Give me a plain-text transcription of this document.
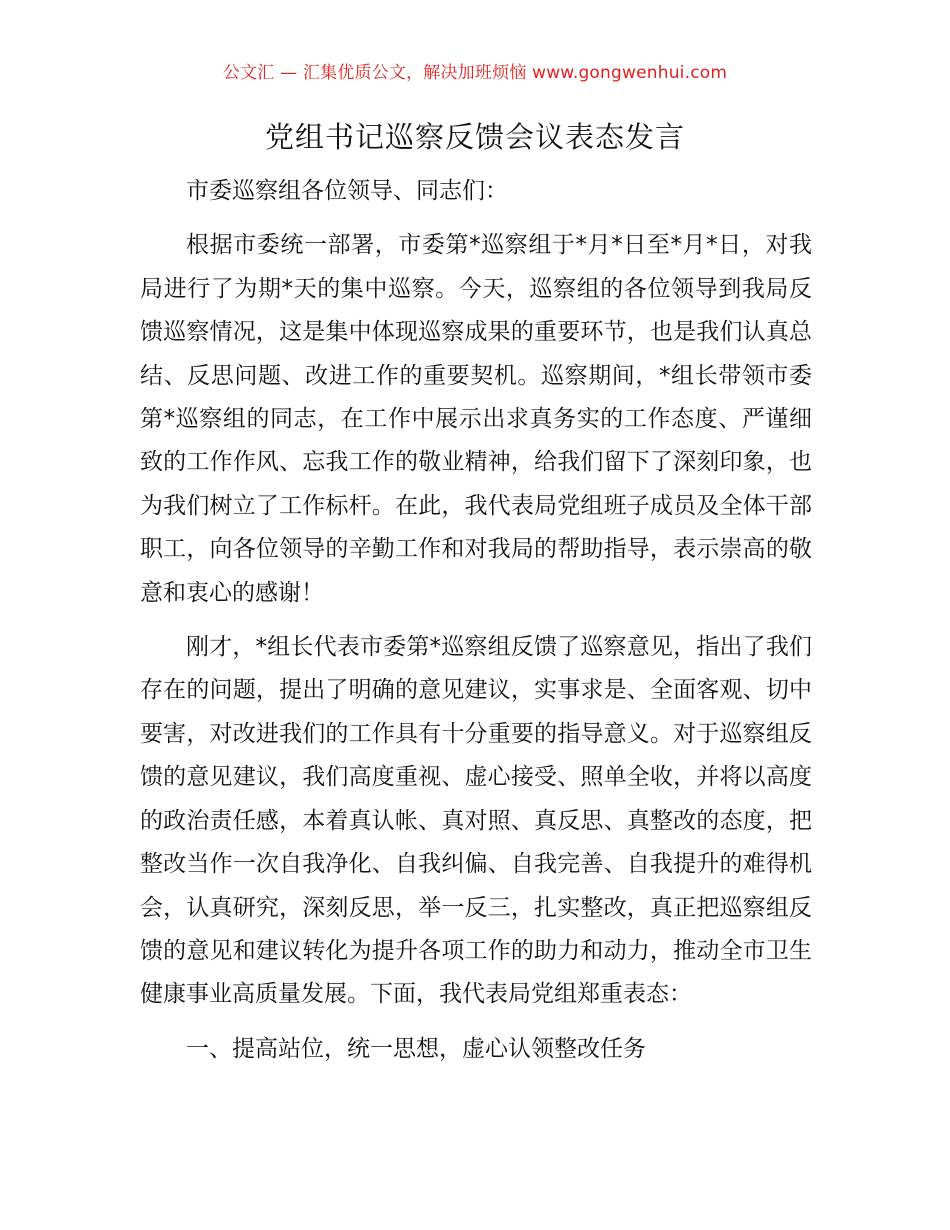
公文汇 — 汇集优质公文，解决加班烦恼 www.gongwenhui.com
党组书记巡察反馈会议表态发言

市委巡察组各位领导、同志们：

根据市委统一部署，市委第*巡察组于*月*日至*月*日，对我局进行了为期*天的集中巡察。今天，巡察组的各位领导到我局反馈巡察情况，这是集中体现巡察成果的重要环节，也是我们认真总结、反思问题、改进工作的重要契机。巡察期间，*组长带领市委第*巡察组的同志，在工作中展示出求真务实的工作态度、严谨细致的工作作风、忘我工作的敬业精神，给我们留下了深刻印象，也为我们树立了工作标杆。在此，我代表局党组班子成员及全体干部职工，向各位领导的辛勤工作和对我局的帮助指导，表示崇高的敬意和衷心的感谢！

刚才，*组长代表市委第*巡察组反馈了巡察意见，指出了我们存在的问题，提出了明确的意见建议，实事求是、全面客观、切中要害，对改进我们的工作具有十分重要的指导意义。对于巡察组反馈的意见建议，我们高度重视、虚心接受、照单全收，并将以高度的政治责任感，本着真认帐、真对照、真反思、真整改的态度，把整改当作一次自我净化、自我纠偏、自我完善、自我提升的难得机会，认真研究，深刻反思，举一反三，扎实整改，真正把巡察组反馈的意见和建议转化为提升各项工作的助力和动力，推动全市卫生健康事业高质量发展。下面，我代表局党组郑重表态：

一、提高站位，统一思想，虚心认领整改任务
